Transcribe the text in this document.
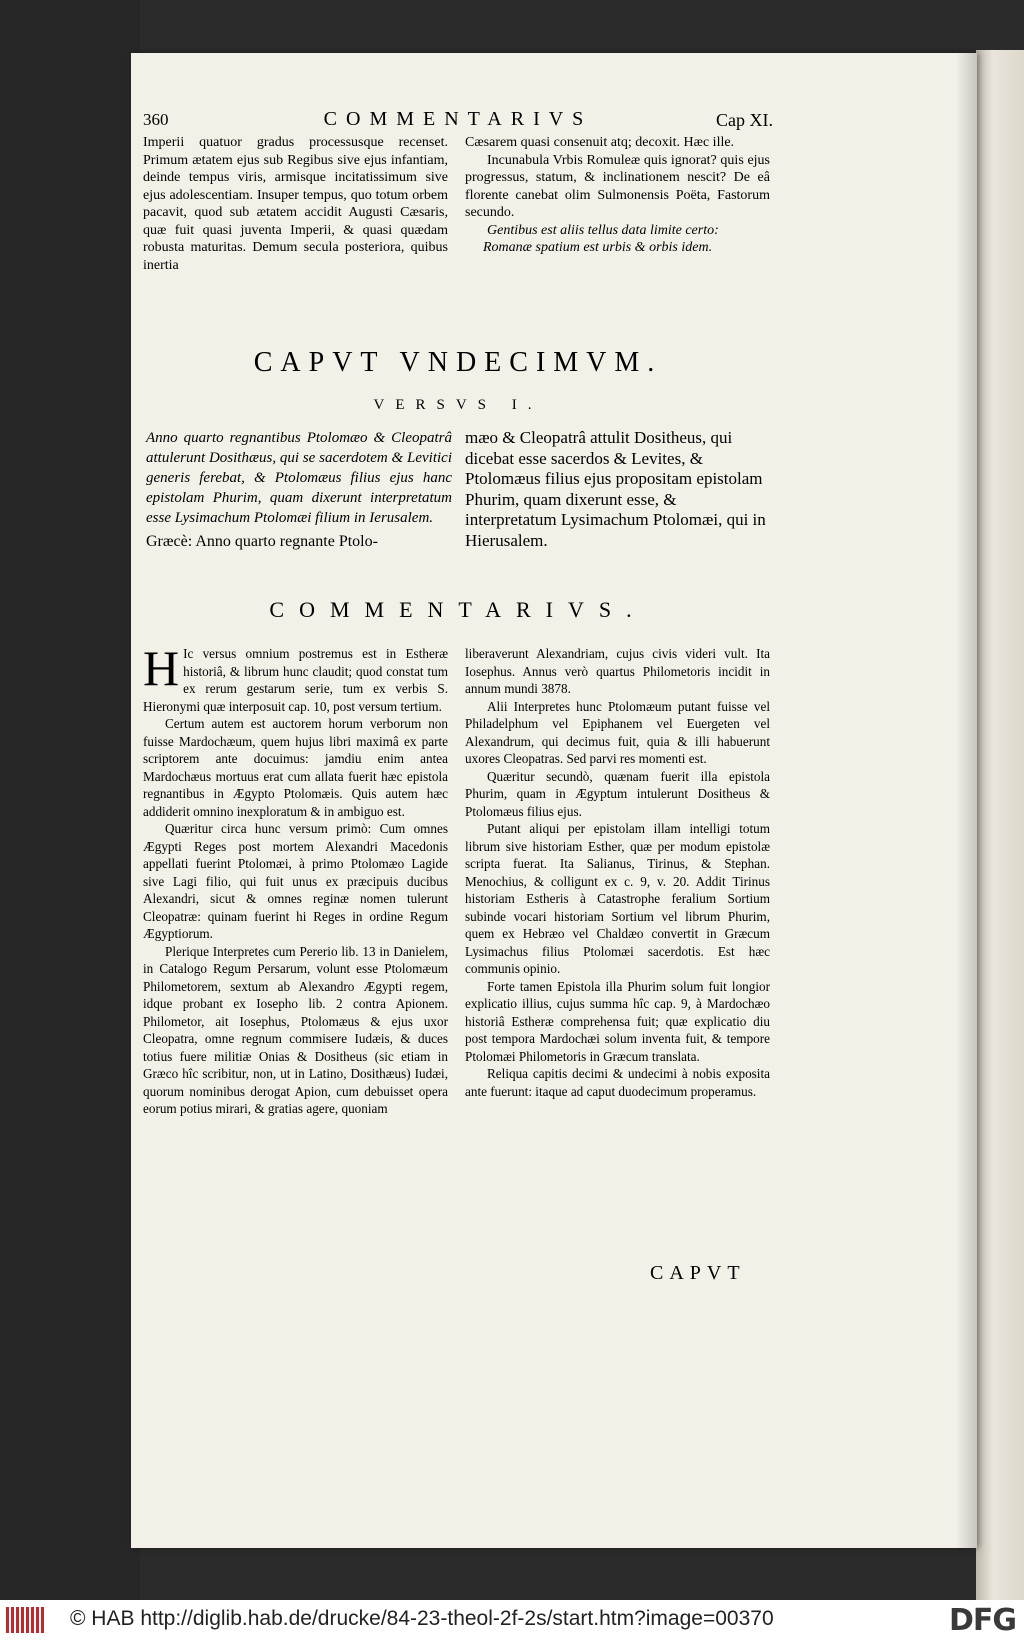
360	COMMENTARIVS	Cap XI.

Imperii quatuor gradus processusque recenset. Primum ætatem ejus sub Regibus sive ejus infantiam, deinde tempus viris, armisque incitatissimum sive ejus adolescentiam. Insuper tempus, quo totum orbem pacavit, quod sub ætatem accidit Augusti Cæsaris, quæ fuit quasi juventa Imperii, & quasi quædam robusta maturitas. Demum secula posteriora, quibus inertia

Cæsarem quasi consenuit atq; decoxit. Hæc ille.

Incunabula Vrbis Romuleæ quis ignorat? quis ejus progressus, statum, & inclinationem nescit? De eâ florente canebat olim Sulmonensis Poëta, Fastorum secundo.

Gentibus est aliis tellus data limite certo:

Romanæ spatium est urbis & orbis idem.

CAPVT VNDECIMVM.
VERSVS I.

Anno quarto regnantibus Ptolomæo & Cleopatrâ attulerunt Dosithæus, qui se sacerdotem & Levitici generis ferebat, & Ptolomæus filius ejus hanc epistolam Phurim, quam dixerunt interpretatum esse Lysimachum Ptolomæi filium in Ierusalem.

Græcè: Anno quarto regnante Ptolo-

mæo & Cleopatrâ attulit Dositheus, qui dicebat esse sacerdos & Levites, & Ptolomæus filius ejus propositam epistolam Phurim, quam dixerunt esse, & interpretatum Lysimachum Ptolomæi, qui in Hierusalem.

COMMENTARIVS.

H Ic versus omnium postremus est in Estheræ historiâ, & librum hunc claudit; quod constat tum ex rerum gestarum serie, tum ex verbis S. Hieronymi quæ interposuit cap. 10, post versum tertium.

Certum autem est auctorem horum verborum non fuisse Mardochæum, quem hujus libri maximâ ex parte scriptorem ante docuimus: jamdiu enim antea Mardochæus mortuus erat cum allata fuerit hæc epistola regnantibus in Ægypto Ptolomæis. Quis autem hæc addiderit omnino inexploratum & in ambiguo est.

Quæritur circa hunc versum primò: Cum omnes Ægypti Reges post mortem Alexandri Macedonis appellati fuerint Ptolomæi, à primo Ptolomæo Lagide sive Lagi filio, qui fuit unus ex præcipuis ducibus Alexandri, sicut & omnes reginæ nomen tulerunt Cleopatræ: quinam fuerint hi Reges in ordine Regum Ægyptiorum.

Plerique Interpretes cum Pererio lib. 13 in Danielem, in Catalogo Regum Persarum, volunt esse Ptolomæum Philometorem, sextum ab Alexandro Ægypti regem, idque probant ex Iosepho lib. 2 contra Apionem. Philometor, ait Iosephus, Ptolomæus & ejus uxor Cleopatra, omne regnum commisere Iudæis, & duces totius fuere militiæ Onias & Dositheus (sic etiam in Græco hîc scribitur, non, ut in Latino, Dosithæus) Iudæi, quorum nominibus derogat Apion, cum debuisset opera eorum potius mirari, & gratias agere, quoniam

liberaverunt Alexandriam, cujus civis videri vult. Ita Iosephus. Annus verò quartus Philometoris incidit in annum mundi 3878.

Alii Interpretes hunc Ptolomæum putant fuisse vel Philadelphum vel Epiphanem vel Euergeten vel Alexandrum, qui decimus fuit, quia & illi habuerunt uxores Cleopatras. Sed parvi res momenti est.

Quæritur secundò, quænam fuerit illa epistola Phurim, quam in Ægyptum intulerunt Dositheus & Ptolomæus filius ejus.

Putant aliqui per epistolam illam intelligi totum librum sive historiam Esther, quæ per modum epistolæ scripta fuerat. Ita Salianus, Tirinus, & Stephan. Menochius, & colligunt ex c. 9, v. 20. Addit Tirinus historiam Estheris à Catastrophe feralium Sortium subinde vocari historiam Sortium vel librum Phurim, quem ex Hebræo vel Chaldæo convertit in Græcum Lysimachus filius Ptolomæi sacerdotis. Est hæc communis opinio.

Forte tamen Epistola illa Phurim solum fuit longior explicatio illius, cujus summa hîc cap. 9, à Mardochæo historiâ Estheræ comprehensa fuit; quæ explicatio diu post tempora Mardochæi solum inventa fuit, & tempore Ptolomæi Philometoris in Græcum translata.

Reliqua capitis decimi & undecimi à nobis exposita ante fuerunt: itaque ad caput duodecimum properamus.

CAPVT
© HAB http://diglib.hab.de/drucke/84-23-theol-2f-2s/start.htm?image=00370	DFG
